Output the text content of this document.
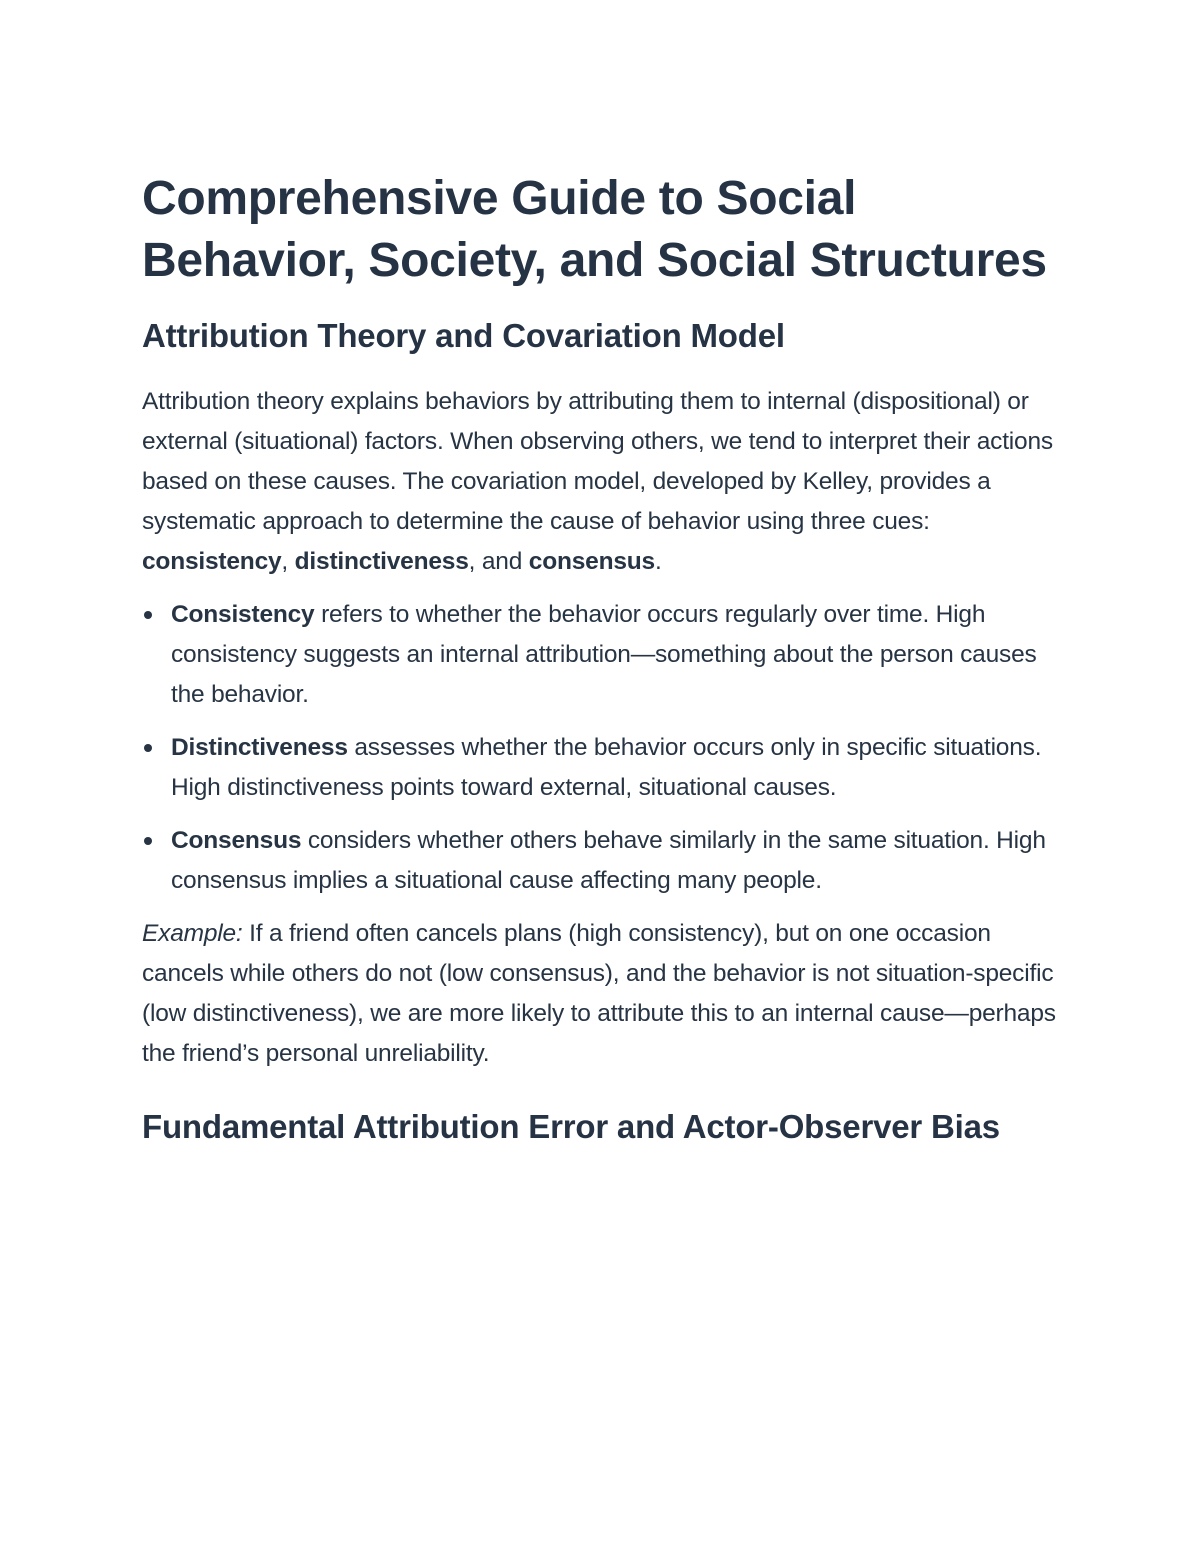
Comprehensive Guide to Social Behavior, Society, and Social Structures
Attribution Theory and Covariation Model

Attribution theory explains behaviors by attributing them to internal (dispositional) or external (situational) factors. When observing others, we tend to interpret their actions based on these causes. The covariation model, developed by Kelley, provides a systematic approach to determine the cause of behavior using three cues: consistency, distinctiveness, and consensus.

Consistency refers to whether the behavior occurs regularly over time. High consistency suggests an internal attribution—something about the person causes the behavior.
Distinctiveness assesses whether the behavior occurs only in specific situations. High distinctiveness points toward external, situational causes.
Consensus considers whether others behave similarly in the same situation. High consensus implies a situational cause affecting many people.

Example: If a friend often cancels plans (high consistency), but on one occasion cancels while others do not (low consensus), and the behavior is not situation-specific (low distinctiveness), we are more likely to attribute this to an internal cause—perhaps the friend’s personal unreliability.

Fundamental Attribution Error and Actor-Observer Bias
